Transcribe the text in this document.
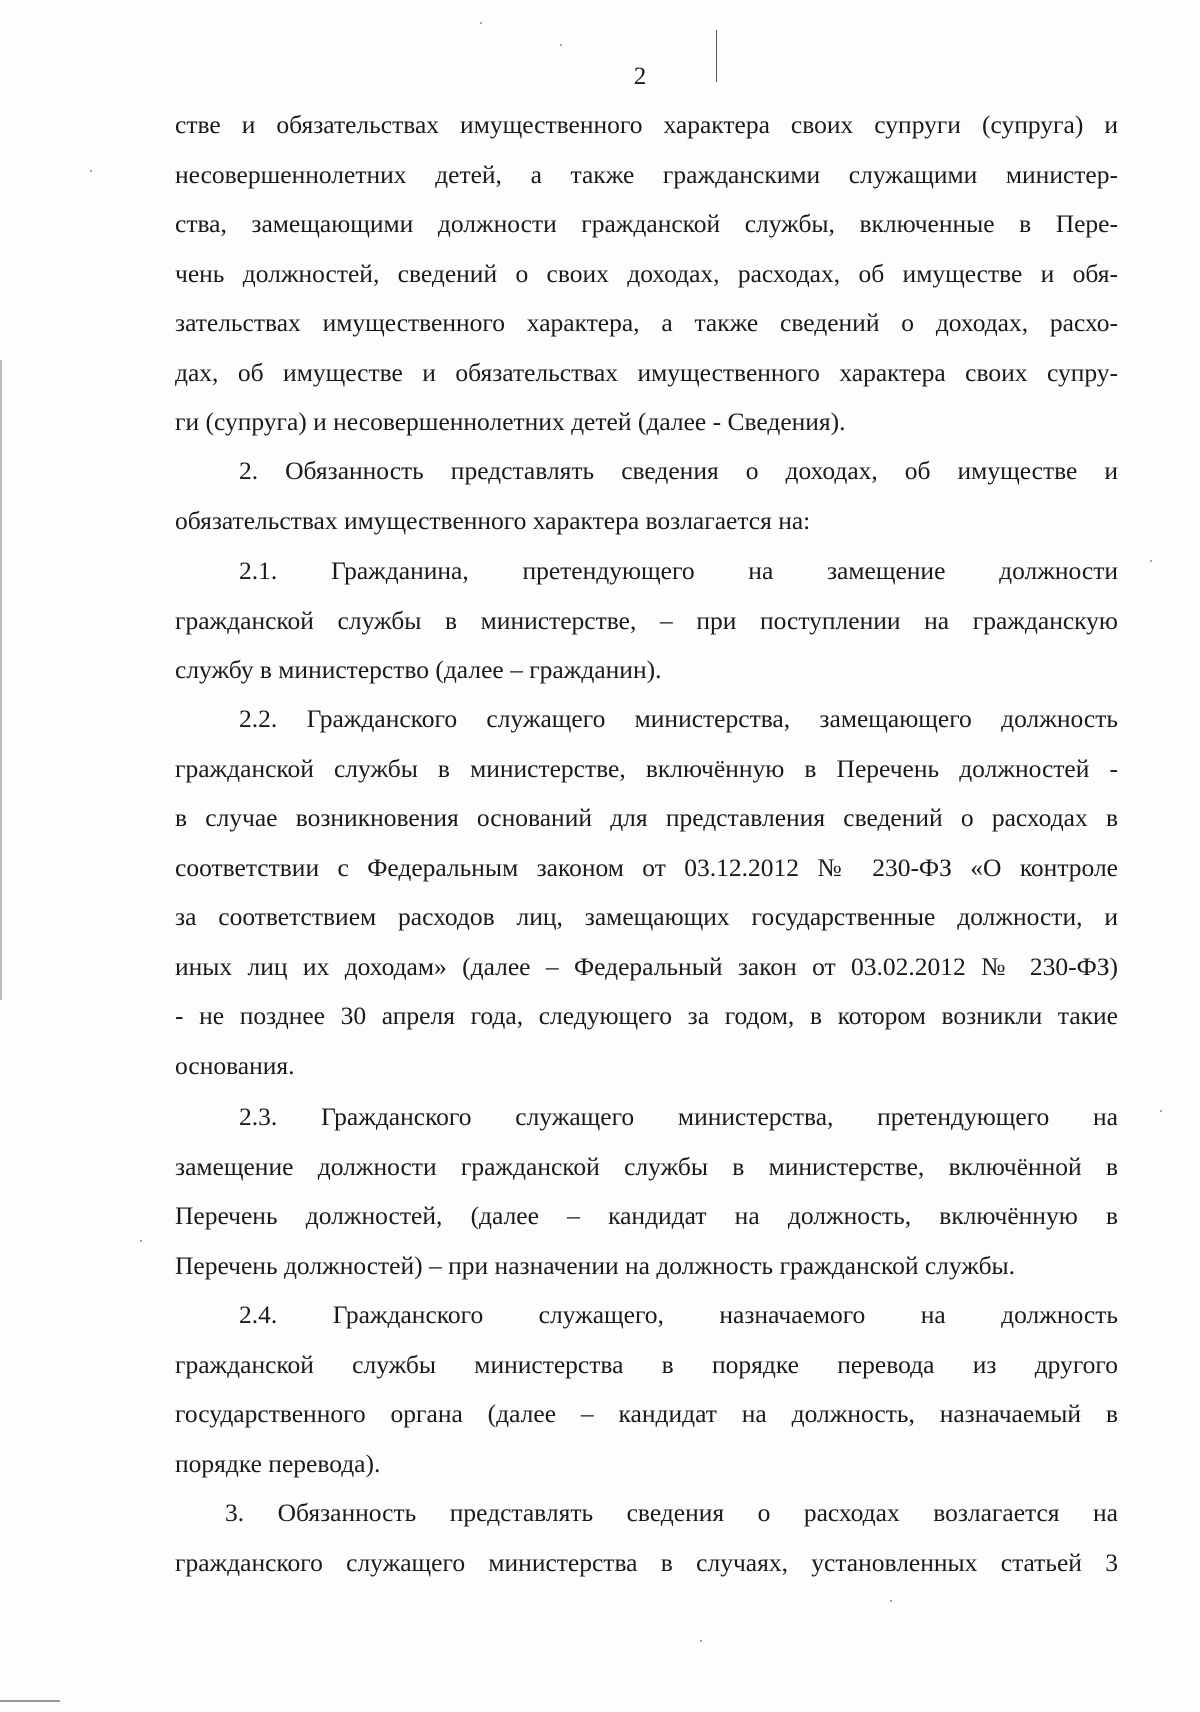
2
стве и обязательствах имущественного характера своих супруги (супруга) и
несовершеннолетних детей, а также гражданскими служащими министер-
ства, замещающими должности гражданской службы, включенные в Пере-
чень должностей, сведений о своих доходах, расходах, об имуществе и обя-
зательствах имущественного характера, а также сведений о доходах, расхо-
дах, об имуществе и обязательствах имущественного характера своих супру-
ги (супруга) и несовершеннолетних детей (далее - Сведения).
2. Обязанность представлять сведения о доходах, об имуществе и
обязательствах имущественного характера возлагается на:
2.1. Гражданина, претендующего на замещение должности
гражданской службы в министерстве, – при поступлении на гражданскую
службу в министерство (далее – гражданин).
2.2. Гражданского служащего министерства, замещающего должность
гражданской службы в министерстве, включённую в Перечень должностей -
в случае возникновения оснований для представления сведений о расходах в
соответствии с Федеральным законом от 03.12.2012 № 230-ФЗ «О контроле
за соответствием расходов лиц, замещающих государственные должности, и
иных лиц их доходам» (далее – Федеральный закон от 03.02.2012 № 230-ФЗ)
- не позднее 30 апреля года, следующего за годом, в котором возникли такие
основания.
2.3. Гражданского служащего министерства, претендующего на
замещение должности гражданской службы в министерстве, включённой в
Перечень должностей, (далее – кандидат на должность, включённую в
Перечень должностей) – при назначении на должность гражданской службы.
2.4. Гражданского служащего, назначаемого на должность
гражданской службы министерства в порядке перевода из другого
государственного органа (далее – кандидат на должность, назначаемый в
порядке перевода).
3. Обязанность представлять сведения о расходах возлагается на
гражданского служащего министерства в случаях, установленных статьей 3
